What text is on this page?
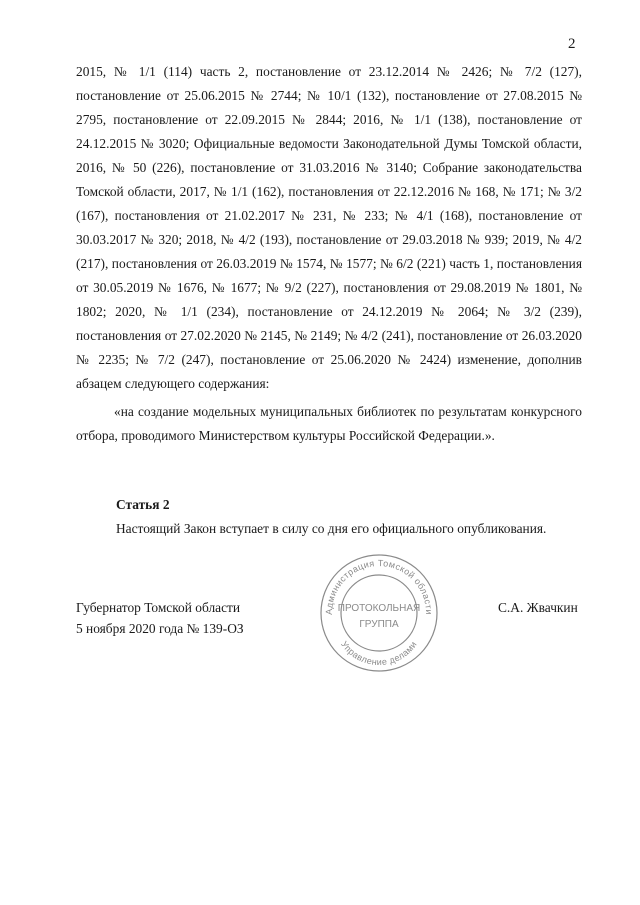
2

2015, № 1/1 (114) часть 2, постановление от 23.12.2014 № 2426; № 7/2 (127), постановление от 25.06.2015 № 2744; № 10/1 (132), постановление от 27.08.2015 № 2795, постановление от 22.09.2015 № 2844; 2016, № 1/1 (138), постановление от 24.12.2015 № 3020; Официальные ведомости Законодательной Думы Томской области, 2016, № 50 (226), постановление от 31.03.2016 № 3140; Собрание законодательства Томской области, 2017, № 1/1 (162), постановления от 22.12.2016 № 168, № 171; № 3/2 (167), постановления от 21.02.2017 № 231, № 233; № 4/1 (168), постановление от 30.03.2017 № 320; 2018, № 4/2 (193), постановление от 29.03.2018 № 939; 2019, № 4/2 (217), постановления от 26.03.2019 № 1574, № 1577; № 6/2 (221) часть 1, постановления от 30.05.2019 № 1676, № 1677; № 9/2 (227), постановления от 29.08.2019 № 1801, № 1802; 2020, № 1/1 (234), постановление от 24.12.2019 № 2064; № 3/2 (239), постановления от 27.02.2020 № 2145, № 2149; № 4/2 (241), постановление от 26.03.2020 № 2235; № 7/2 (247), постановление от 25.06.2020 № 2424) изменение, дополнив абзацем следующего содержания:

«на создание модельных муниципальных библиотек по результатам конкурсного отбора, проводимого Министерством культуры Российской Федерации.».

Статья 2
Настоящий Закон вступает в силу со дня его официального опубликования.
Губернатор Томской области
5 ноября 2020 года № 139-ОЗ
С.А. Жвачкин
Администрация Томской области
Управление делами
ПРОТОКОЛЬНАЯ
ГРУППА
